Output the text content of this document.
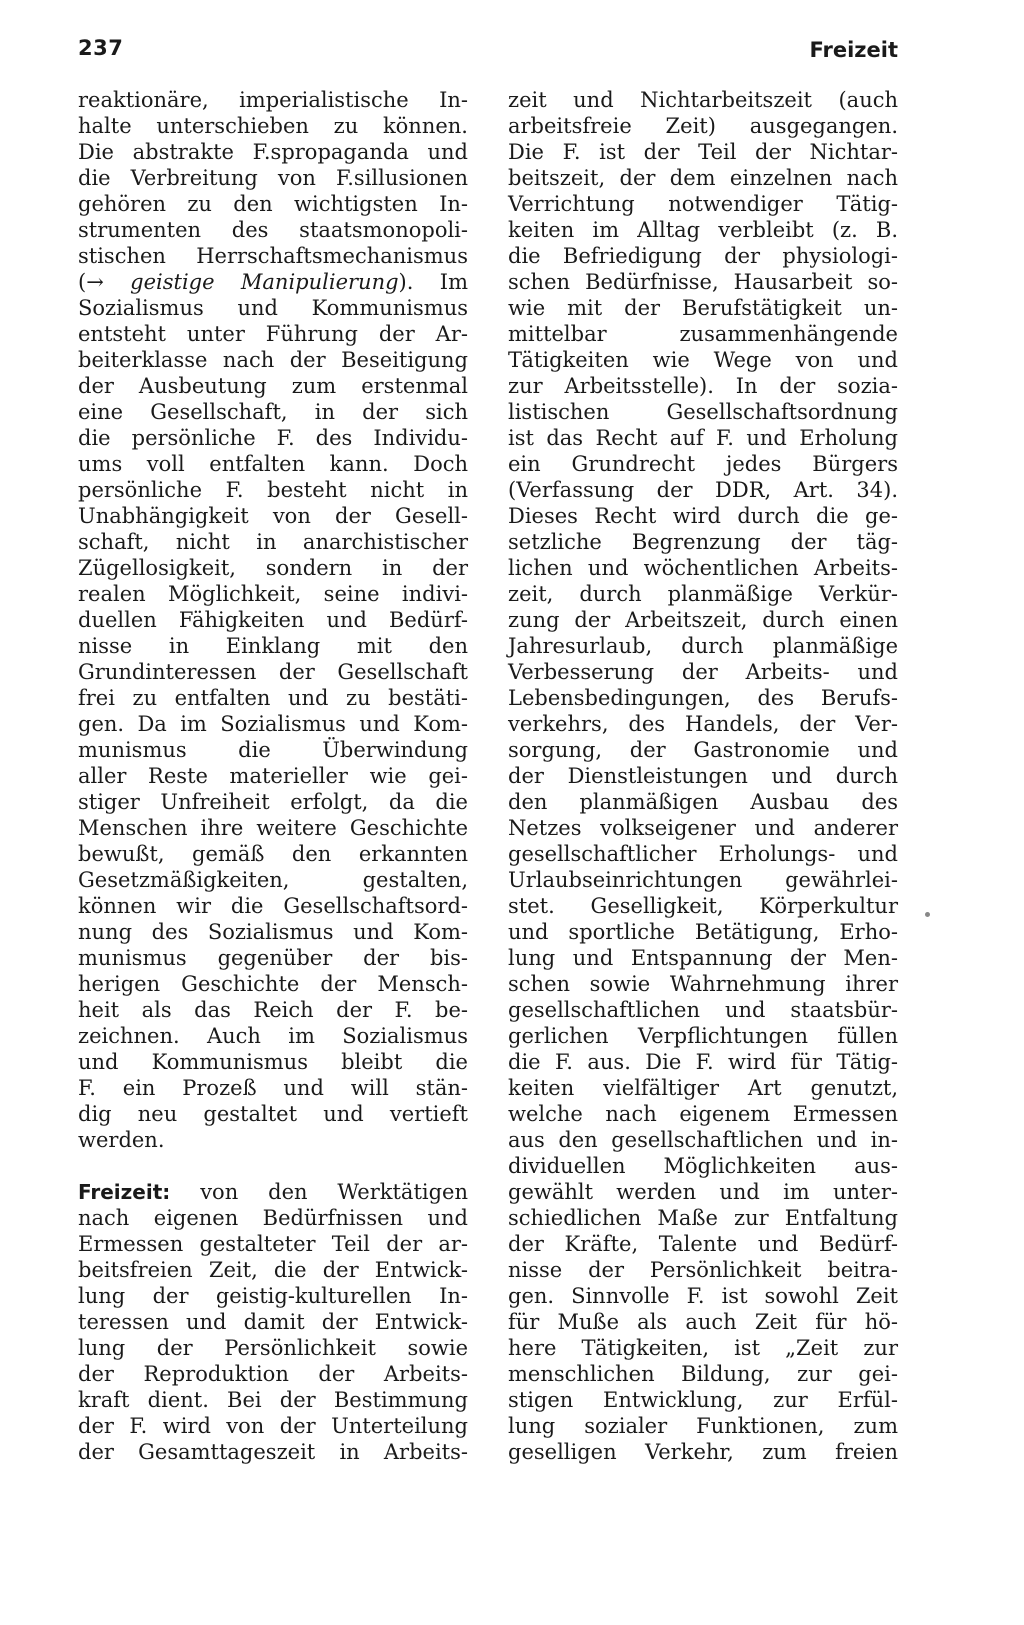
237	Freizeit
reaktionäre, imperialistische In-
halte unterschieben zu können.
Die abstrakte F.spropaganda und
die Verbreitung von F.sillusionen
gehören zu den wichtigsten In-
strumenten des staatsmonopoli-
stischen Herrschaftsmechanismus
(→ geistige Manipulierung). Im
Sozialismus und Kommunismus
entsteht unter Führung der Ar-
beiterklasse nach der Beseitigung
der Ausbeutung zum erstenmal
eine Gesellschaft, in der sich
die persönliche F. des Individu-
ums voll entfalten kann. Doch
persönliche F. besteht nicht in
Unabhängigkeit von der Gesell-
schaft, nicht in anarchistischer
Zügellosigkeit, sondern in der
realen Möglichkeit, seine indivi-
duellen Fähigkeiten und Bedürf-
nisse in Einklang mit den
Grundinteressen der Gesellschaft
frei zu entfalten und zu bestäti-
gen. Da im Sozialismus und Kom-
munismus die Überwindung
aller Reste materieller wie gei-
stiger Unfreiheit erfolgt, da die
Menschen ihre weitere Geschichte
bewußt, gemäß den erkannten
Gesetzmäßigkeiten, gestalten,
können wir die Gesellschaftsord-
nung des Sozialismus und Kom-
munismus gegenüber der bis-
herigen Geschichte der Mensch-
heit als das Reich der F. be-
zeichnen. Auch im Sozialismus
und Kommunismus bleibt die
F. ein Prozeß und will stän-
dig neu gestaltet und vertieft
werden.
Freizeit: von den Werktätigen
nach eigenen Bedürfnissen und
Ermessen gestalteter Teil der ar-
beitsfreien Zeit, die der Entwick-
lung der geistig-kulturellen In-
teressen und damit der Entwick-
lung der Persönlichkeit sowie
der Reproduktion der Arbeits-
kraft dient. Bei der Bestimmung
der F. wird von der Unterteilung
der Gesamttageszeit in Arbeits-
zeit und Nichtarbeitszeit (auch
arbeitsfreie Zeit) ausgegangen.
Die F. ist der Teil der Nichtar-
beitszeit, der dem einzelnen nach
Verrichtung notwendiger Tätig-
keiten im Alltag verbleibt (z. B.
die Befriedigung der physiologi-
schen Bedürfnisse, Hausarbeit so-
wie mit der Berufstätigkeit un-
mittelbar zusammenhängende
Tätigkeiten wie Wege von und
zur Arbeitsstelle). In der sozia-
listischen Gesellschaftsordnung
ist das Recht auf F. und Erholung
ein Grundrecht jedes Bürgers
(Verfassung der DDR, Art. 34).
Dieses Recht wird durch die ge-
setzliche Begrenzung der täg-
lichen und wöchentlichen Arbeits-
zeit, durch planmäßige Verkür-
zung der Arbeitszeit, durch einen
Jahresurlaub, durch planmäßige
Verbesserung der Arbeits- und
Lebensbedingungen, des Berufs-
verkehrs, des Handels, der Ver-
sorgung, der Gastronomie und
der Dienstleistungen und durch
den planmäßigen Ausbau des
Netzes volkseigener und anderer
gesellschaftlicher Erholungs- und
Urlaubseinrichtungen gewährlei-
stet. Geselligkeit, Körperkultur
und sportliche Betätigung, Erho-
lung und Entspannung der Men-
schen sowie Wahrnehmung ihrer
gesellschaftlichen und staatsbür-
gerlichen Verpflichtungen füllen
die F. aus. Die F. wird für Tätig-
keiten vielfältiger Art genutzt,
welche nach eigenem Ermessen
aus den gesellschaftlichen und in-
dividuellen Möglichkeiten aus-
gewählt werden und im unter-
schiedlichen Maße zur Entfaltung
der Kräfte, Talente und Bedürf-
nisse der Persönlichkeit beitra-
gen. Sinnvolle F. ist sowohl Zeit
für Muße als auch Zeit für hö-
here Tätigkeiten, ist „Zeit zur
menschlichen Bildung, zur gei-
stigen Entwicklung, zur Erfül-
lung sozialer Funktionen, zum
geselligen Verkehr, zum freien
